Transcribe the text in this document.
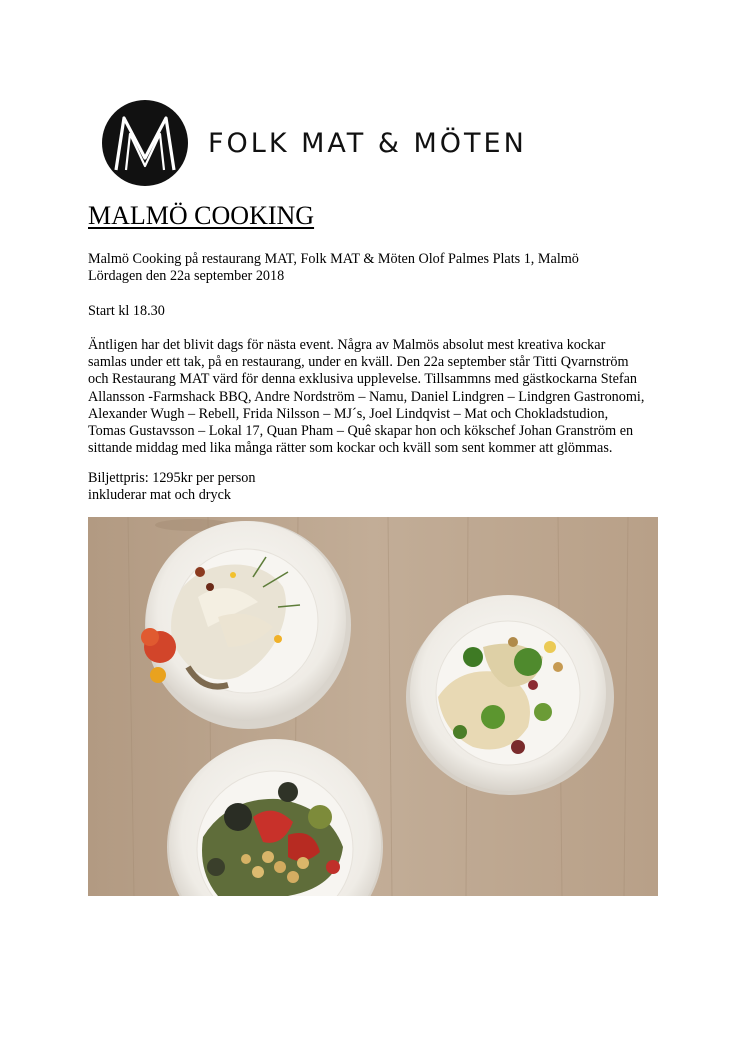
FOLK MAT & MÖTEN
MALMÖ COOKING
Malmö Cooking på restaurang MAT, Folk MAT & Möten Olof Palmes Plats 1, Malmö
Lördagen den 22a september 2018
Start kl 18.30
Äntligen har det blivit dags för nästa event. Några av Malmös absolut mest kreativa kockar
samlas under ett tak, på en restaurang, under en kväll. Den 22a september står Titti Qvarnström
och Restaurang MAT värd för denna exklusiva upplevelse. Tillsammns med gästkockarna Stefan
Allansson -Farmshack BBQ, Andre Nordström – Namu, Daniel Lindgren – Lindgren Gastronomi,
Alexander Wugh – Rebell, Frida Nilsson – MJ´s, Joel Lindqvist – Mat och Chokladstudion,
Tomas Gustavsson – Lokal 17, Quan Pham – Quê skapar hon och kökschef Johan Granström en
sittande middag med lika många rätter som kockar och kväll som sent kommer att glömmas.
Biljettpris: 1295kr per person
inkluderar mat och dryck
